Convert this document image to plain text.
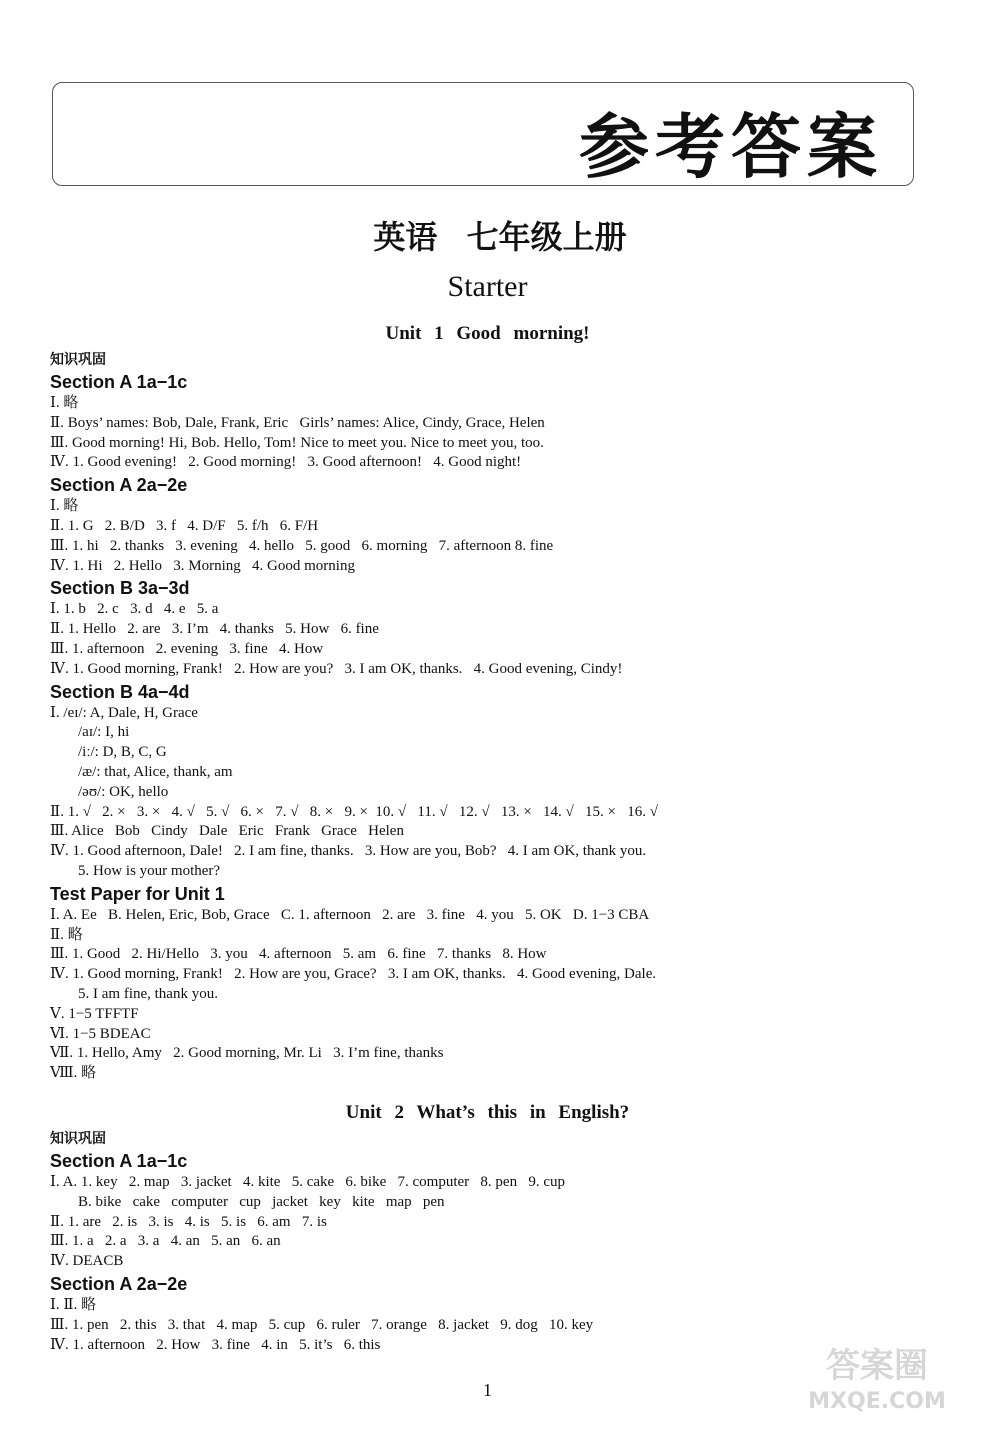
参考答案
英语 七年级上册
Starter
Unit 1 Good morning!
知识巩固
Section A 1a−1c
Ⅰ. 略
Ⅱ. Boys’ names: Bob, Dale, Frank, Eric   Girls’ names: Alice, Cindy, Grace, Helen
Ⅲ. Good morning! Hi, Bob. Hello, Tom! Nice to meet you. Nice to meet you, too.
Ⅳ. 1. Good evening!   2. Good morning!   3. Good afternoon!   4. Good night!
Section A 2a−2e
Ⅰ. 略
Ⅱ. 1. G   2. B/D   3. f   4. D/F   5. f/h   6. F/H
Ⅲ. 1. hi   2. thanks   3. evening   4. hello   5. good   6. morning   7. afternoon 8. fine
Ⅳ. 1. Hi   2. Hello   3. Morning   4. Good morning
Section B 3a−3d
Ⅰ. 1. b   2. c   3. d   4. e   5. a
Ⅱ. 1. Hello   2. are   3. I’m   4. thanks   5. How   6. fine
Ⅲ. 1. afternoon   2. evening   3. fine   4. How
Ⅳ. 1. Good morning, Frank!   2. How are you?   3. I am OK, thanks.   4. Good evening, Cindy!
Section B 4a−4d
Ⅰ. /eɪ/: A, Dale, H, Grace
/aɪ/: I, hi
/iː/: D, B, C, G
/æ/: that, Alice, thank, am
/əʊ/: OK, hello
Ⅱ. 1. √   2. ×   3. ×   4. √   5. √   6. ×   7. √   8. ×   9. ×  10. √   11. √   12. √   13. ×   14. √   15. ×   16. √
Ⅲ. Alice   Bob   Cindy   Dale   Eric   Frank   Grace   Helen
Ⅳ. 1. Good afternoon, Dale!   2. I am fine, thanks.   3. How are you, Bob?   4. I am OK, thank you.
5. How is your mother?
Test Paper for Unit 1
Ⅰ. A. Ee   B. Helen, Eric, Bob, Grace   C. 1. afternoon   2. are   3. fine   4. you   5. OK   D. 1−3 CBA
Ⅱ. 略
Ⅲ. 1. Good   2. Hi/Hello   3. you   4. afternoon   5. am   6. fine   7. thanks   8. How
Ⅳ. 1. Good morning, Frank!   2. How are you, Grace?   3. I am OK, thanks.   4. Good evening, Dale.
5. I am fine, thank you.
Ⅴ. 1−5 TFFTF
Ⅵ. 1−5 BDEAC
Ⅶ. 1. Hello, Amy   2. Good morning, Mr. Li   3. I’m fine, thanks
Ⅷ. 略
Unit 2 What’s this in English?
知识巩固
Section A 1a−1c
Ⅰ. A. 1. key   2. map   3. jacket   4. kite   5. cake   6. bike   7. computer   8. pen   9. cup
B. bike   cake   computer   cup   jacket   key   kite   map   pen
Ⅱ. 1. are   2. is   3. is   4. is   5. is   6. am   7. is
Ⅲ. 1. a   2. a   3. a   4. an   5. an   6. an
Ⅳ. DEACB
Section A 2a−2e
Ⅰ. Ⅱ. 略
Ⅲ. 1. pen   2. this   3. that   4. map   5. cup   6. ruler   7. orange   8. jacket   9. dog   10. key
Ⅳ. 1. afternoon   2. How   3. fine   4. in   5. it’s   6. this
1
答案圈
MXQE.COM
